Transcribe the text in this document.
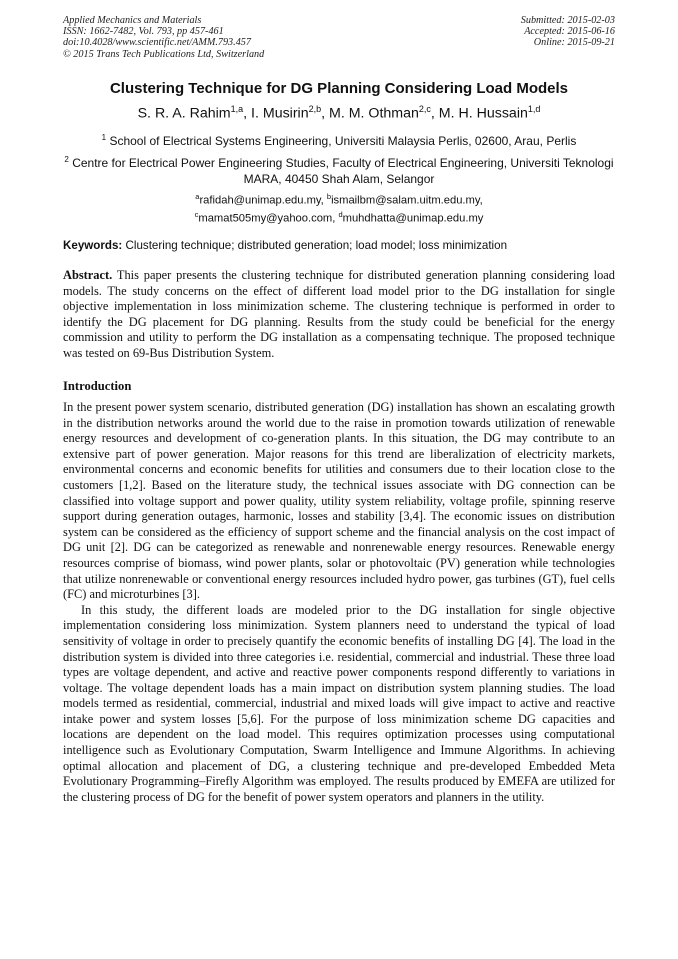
Applied Mechanics and Materials
ISSN: 1662-7482, Vol. 793, pp 457-461
doi:10.4028/www.scientific.net/AMM.793.457
© 2015 Trans Tech Publications Ltd, Switzerland
Submitted: 2015-02-03
Accepted: 2015-06-16
Online: 2015-09-21
Clustering Technique for DG Planning Considering Load Models
S. R. A. Rahim$^{1,a}$, I. Musirin$^{2,b}$, M. M. Othman$^{2,c}$, M. H. Hussain$^{1,d}$
$^1$ School of Electrical Systems Engineering, Universiti Malaysia Perlis, 02600, Arau, Perlis
$^2$ Centre for Electrical Power Engineering Studies, Faculty of Electrical Engineering, Universiti Teknologi MARA, 40450 Shah Alam, Selangor
$^a$rafidah@unimap.edu.my, $^b$ismailbm@salam.uitm.edu.my, $^c$mamat505my@yahoo.com, $^d$muhdhatta@unimap.edu.my
Keywords: Clustering technique; distributed generation; load model; loss minimization

Abstract. This paper presents the clustering technique for distributed generation planning considering load models. The study concerns on the effect of different load model prior to the DG installation for single objective implementation in loss minimization scheme. The clustering technique is performed in order to identify the DG placement for DG planning. Results from the study could be beneficial for the energy commission and utility to perform the DG installation as a compensating technique. The proposed technique was tested on 69-Bus Distribution System.

Introduction

In the present power system scenario, distributed generation (DG) installation has shown an escalating growth in the distribution networks around the world due to the raise in promotion towards utilization of renewable energy resources and development of co-generation plants. In this situation, the DG may contribute to an extensive part of power generation. Major reasons for this trend are liberalization of electricity markets, environmental concerns and economic benefits for utilities and consumers due to their location close to the customers [1,2]. Based on the literature study, the technical issues associate with DG connection can be classified into voltage support and power quality, utility system reliability, voltage profile, spinning reserve support during generation outages, harmonic, losses and stability [3,4]. The economic issues on distribution system can be considered as the efficiency of support scheme and the financial analysis on the cost impact of DG unit [2]. DG can be categorized as renewable and nonrenewable energy resources. Renewable energy resources comprise of biomass, wind power plants, solar or photovoltaic (PV) generation while technologies that utilize nonrenewable or conventional energy resources included hydro power, gas turbines (GT), fuel cells (FC) and microturbines [3].

In this study, the different loads are modeled prior to the DG installation for single objective implementation considering loss minimization. System planners need to understand the typical of load sensitivity of voltage in order to precisely quantify the economic benefits of installing DG [4]. The load in the distribution system is divided into three categories i.e. residential, commercial and industrial. These three load types are voltage dependent, and active and reactive power components respond differently to variations in voltage. The voltage dependent loads has a main impact on distribution system planning studies. The load models termed as residential, commercial, industrial and mixed loads will give impact to active and reactive intake power and system losses [5,6]. For the purpose of loss minimization scheme DG capacities and locations are dependent on the load model. This requires optimization processes using computational intelligence such as Evolutionary Computation, Swarm Intelligence and Immune Algorithms. In achieving optimal allocation and placement of DG, a clustering technique and pre-developed Embedded Meta Evolutionary Programming–Firefly Algorithm was employed. The results produced by EMEFA are utilized for the clustering process of DG for the benefit of power system operators and planners in the utility.
